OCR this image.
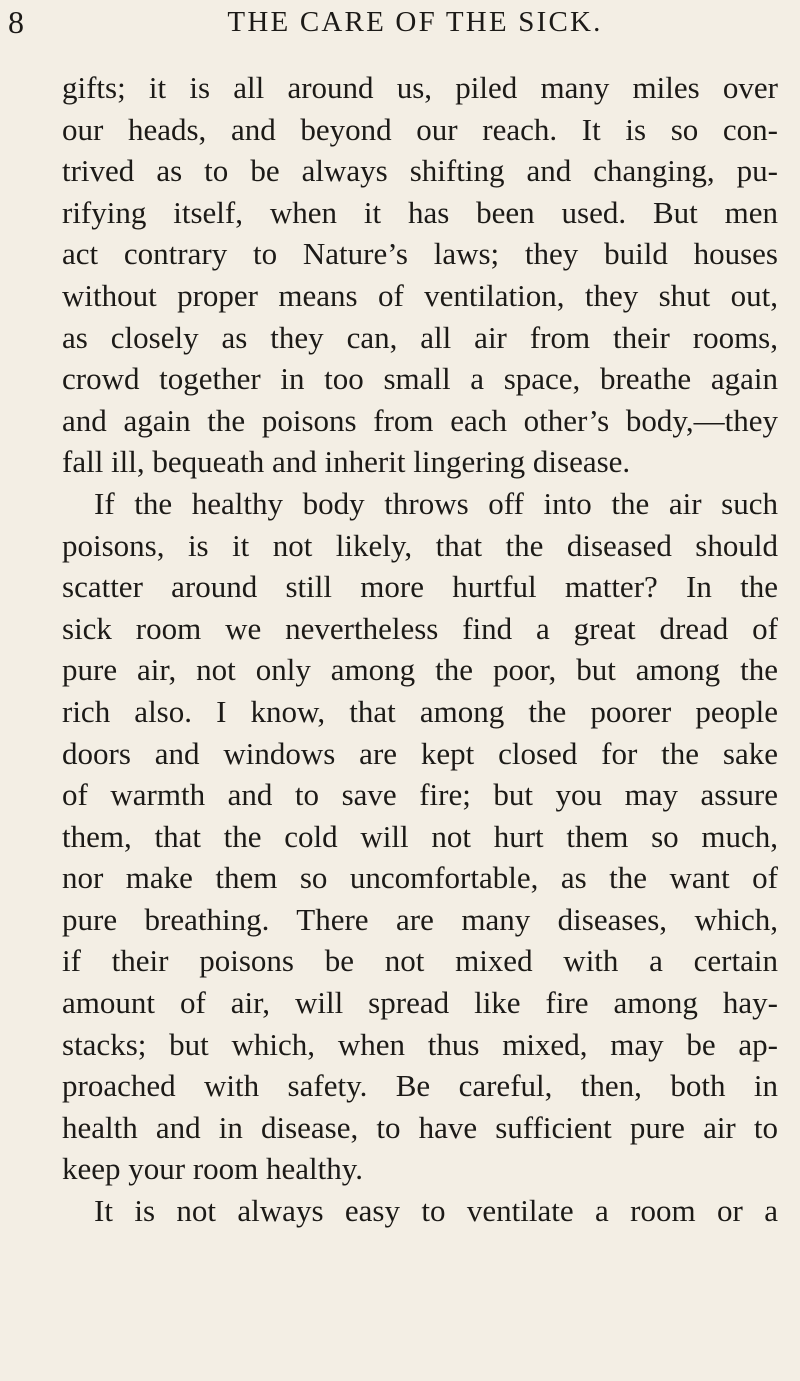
8	THE CARE OF THE SICK.
gifts; it is all around us, piled many miles over
our heads, and beyond our reach. It is so con-
trived as to be always shifting and changing, pu-
rifying itself, when it has been used. But men
act contrary to Nature’s laws; they build houses
without proper means of ventilation, they shut out,
as closely as they can, all air from their rooms,
crowd together in too small a space, breathe again
and again the poisons from each other’s body,—they
fall ill, bequeath and inherit lingering disease.
If the healthy body throws off into the air such
poisons, is it not likely, that the diseased should
scatter around still more hurtful matter? In the
sick room we nevertheless find a great dread of
pure air, not only among the poor, but among the
rich also. I know, that among the poorer people
doors and windows are kept closed for the sake
of warmth and to save fire; but you may assure
them, that the cold will not hurt them so much,
nor make them so uncomfortable, as the want of
pure breathing. There are many diseases, which,
if their poisons be not mixed with a certain
amount of air, will spread like fire among hay-
stacks; but which, when thus mixed, may be ap-
proached with safety. Be careful, then, both in
health and in disease, to have sufficient pure air to
keep your room healthy.
It is not always easy to ventilate a room or a
